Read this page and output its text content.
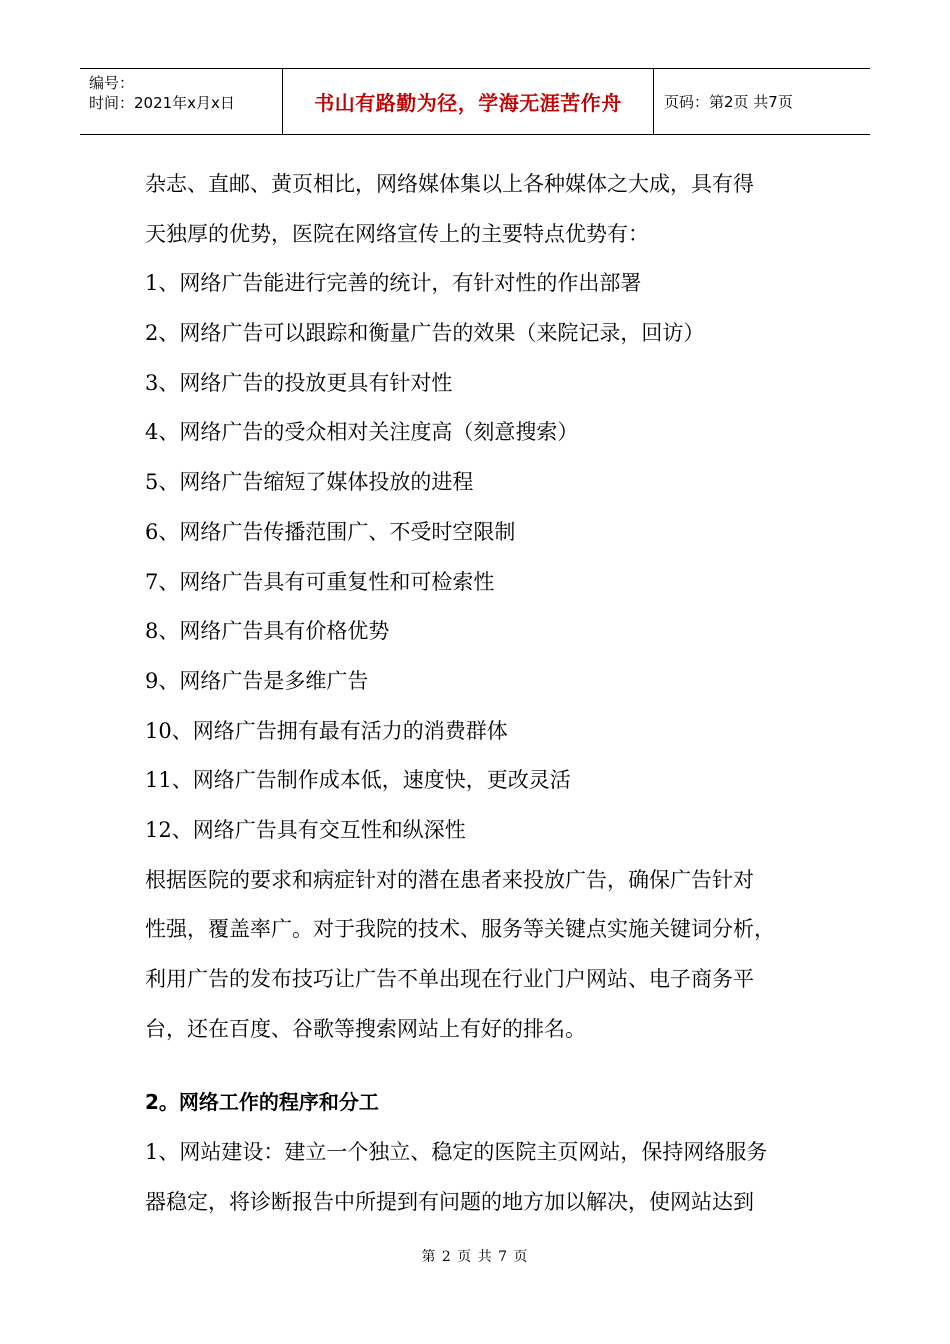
编号：
时间：2021年x月x日	书山有路勤为径，学海无涯苦作舟	页码：第2页 共7页
杂志、直邮、黄页相比，网络媒体集以上各种媒体之大成，具有得
天独厚的优势，医院在网络宣传上的主要特点优势有：
1、网络广告能进行完善的统计，有针对性的作出部署
2、网络广告可以跟踪和衡量广告的效果（来院记录，回访）
3、网络广告的投放更具有针对性
4、网络广告的受众相对关注度高（刻意搜索）
5、网络广告缩短了媒体投放的进程
6、网络广告传播范围广、不受时空限制
7、网络广告具有可重复性和可检索性
8、网络广告具有价格优势
9、网络广告是多维广告
10、网络广告拥有最有活力的消费群体
11、网络广告制作成本低，速度快，更改灵活
12、网络广告具有交互性和纵深性
根据医院的要求和病症针对的潜在患者来投放广告，确保广告针对
性强，覆盖率广。对于我院的技术、服务等关键点实施关键词分析，
利用广告的发布技巧让广告不单出现在行业门户网站、电子商务平
台，还在百度、谷歌等搜索网站上有好的排名。
2。网络工作的程序和分工
1、网站建设：建立一个独立、稳定的医院主页网站，保持网络服务
器稳定，将诊断报告中所提到有问题的地方加以解决，使网站达到
第 2 页 共 7 页
